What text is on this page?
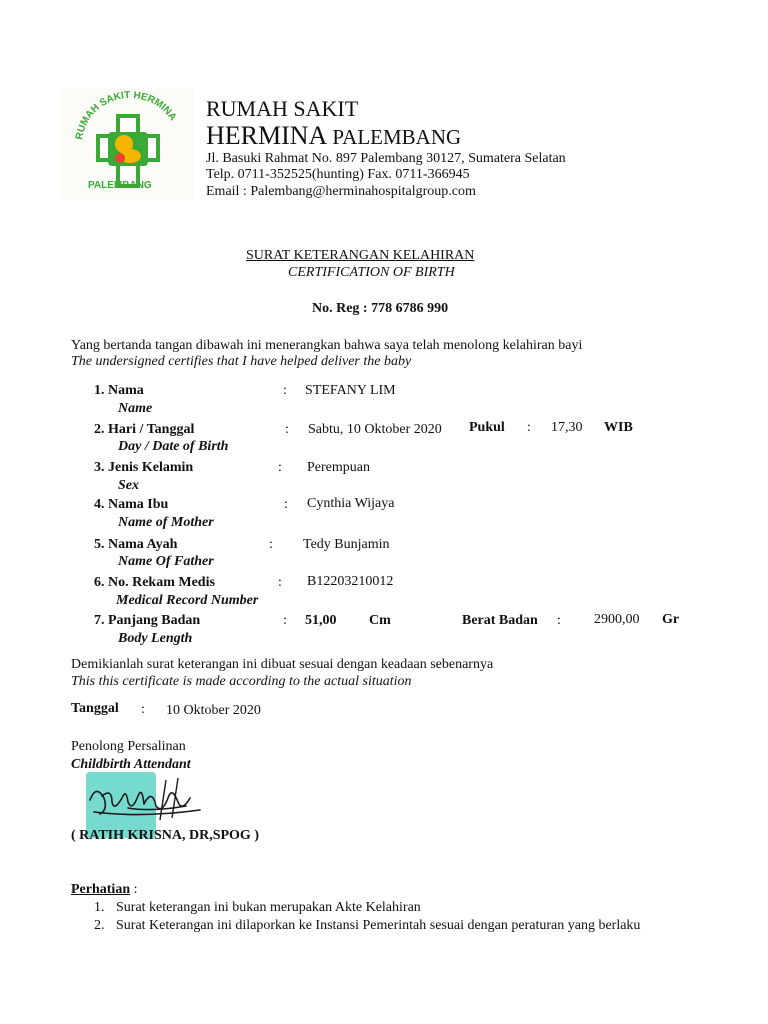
RUMAH SAKIT HERMINA
PALEMBANG
RUMAH SAKIT
HERMINA PALEMBANG
Jl. Basuki Rahmat No. 897 Palembang 30127, Sumatera Selatan
Telp. 0711-352525(hunting) Fax. 0711-366945
Email : Palembang@herminahospitalgroup.com
SURAT KETERANGAN KELAHIRAN
CERTIFICATION OF BIRTH
No. Reg : 778 6786 990
Yang bertanda tangan dibawah ini menerangkan bahwa saya telah menolong kelahiran bayi
The undersigned certifies that I have helped deliver the baby
1. Nama
Name
: STEFANY LIM
2. Hari / Tanggal
Day / Date of Birth
: Sabtu, 10 Oktober 2020 Pukul : 17,30 WIB
3. Jenis Kelamin
Sex
: Perempuan
4. Nama Ibu
Name of Mother
: Cynthia Wijaya
5. Nama Ayah
Name Of Father
: Tedy Bunjamin
6. No. Rekam Medis
Medical Record Number
: B12203210012
7. Panjang Badan
Body Length
: 51,00 Cm	Berat Badan : 2900,00 Gr
Demikianlah surat keterangan ini dibuat sesuai dengan keadaan sebenarnya
This this certificate is made according to the actual situation
Tanggal : 10 Oktober 2020
Penolong Persalinan
Childbirth Attendant
( RATIH KRISNA, DR,SPOG )
Perhatian :
1. Surat keterangan ini bukan merupakan Akte Kelahiran
2. Surat Keterangan ini dilaporkan ke Instansi Pemerintah sesuai dengan peraturan yang berlaku
